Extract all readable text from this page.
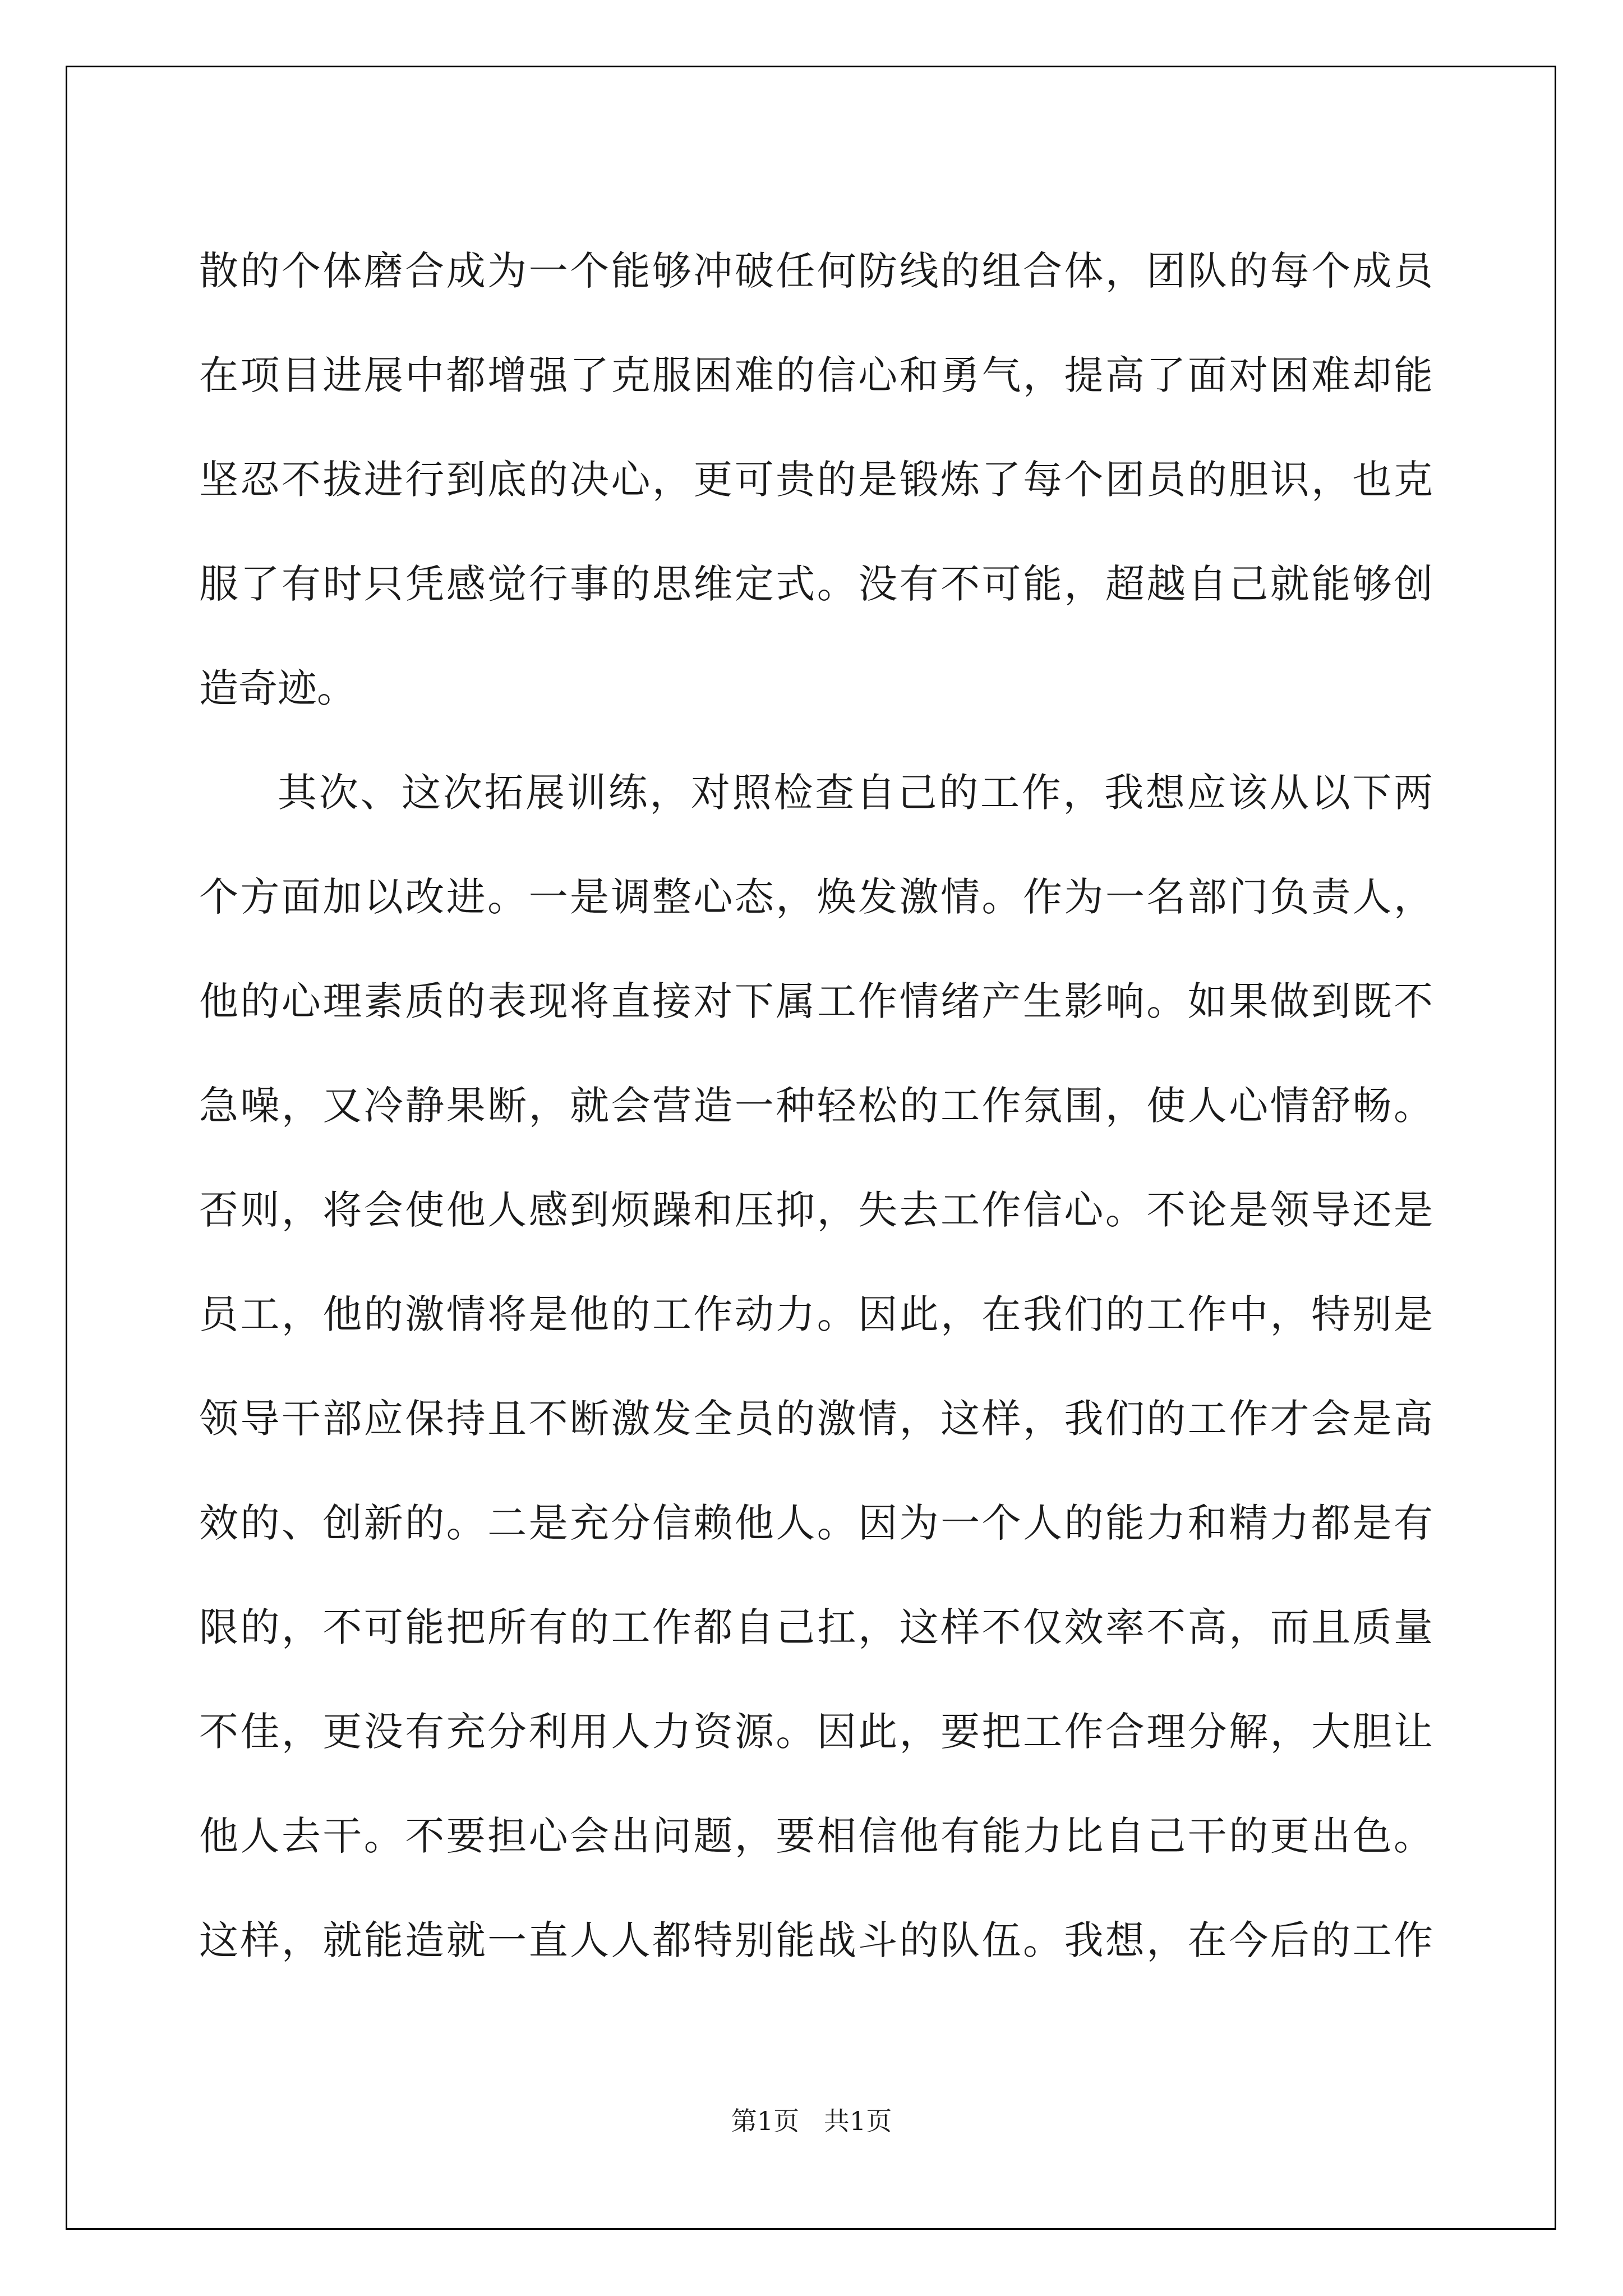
散的个体磨合成为一个能够冲破任何防线的组合体，团队的每个成员
在项目进展中都增强了克服困难的信心和勇气，提高了面对困难却能
坚忍不拔进行到底的决心，更可贵的是锻炼了每个团员的胆识，也克
服了有时只凭感觉行事的思维定式。没有不可能，超越自己就能够创
造奇迹。
其次、这次拓展训练，对照检查自己的工作，我想应该从以下两
个方面加以改进。一是调整心态，焕发激情。作为一名部门负责人，
他的心理素质的表现将直接对下属工作情绪产生影响。如果做到既不
急噪，又冷静果断，就会营造一种轻松的工作氛围，使人心情舒畅。
否则，将会使他人感到烦躁和压抑，失去工作信心。不论是领导还是
员工，他的激情将是他的工作动力。因此，在我们的工作中，特别是
领导干部应保持且不断激发全员的激情，这样，我们的工作才会是高
效的、创新的。二是充分信赖他人。因为一个人的能力和精力都是有
限的，不可能把所有的工作都自己扛，这样不仅效率不高，而且质量
不佳，更没有充分利用人力资源。因此，要把工作合理分解，大胆让
他人去干。不要担心会出问题，要相信他有能力比自己干的更出色。
这样，就能造就一直人人都特别能战斗的队伍。我想，在今后的工作
第1页   共1页
